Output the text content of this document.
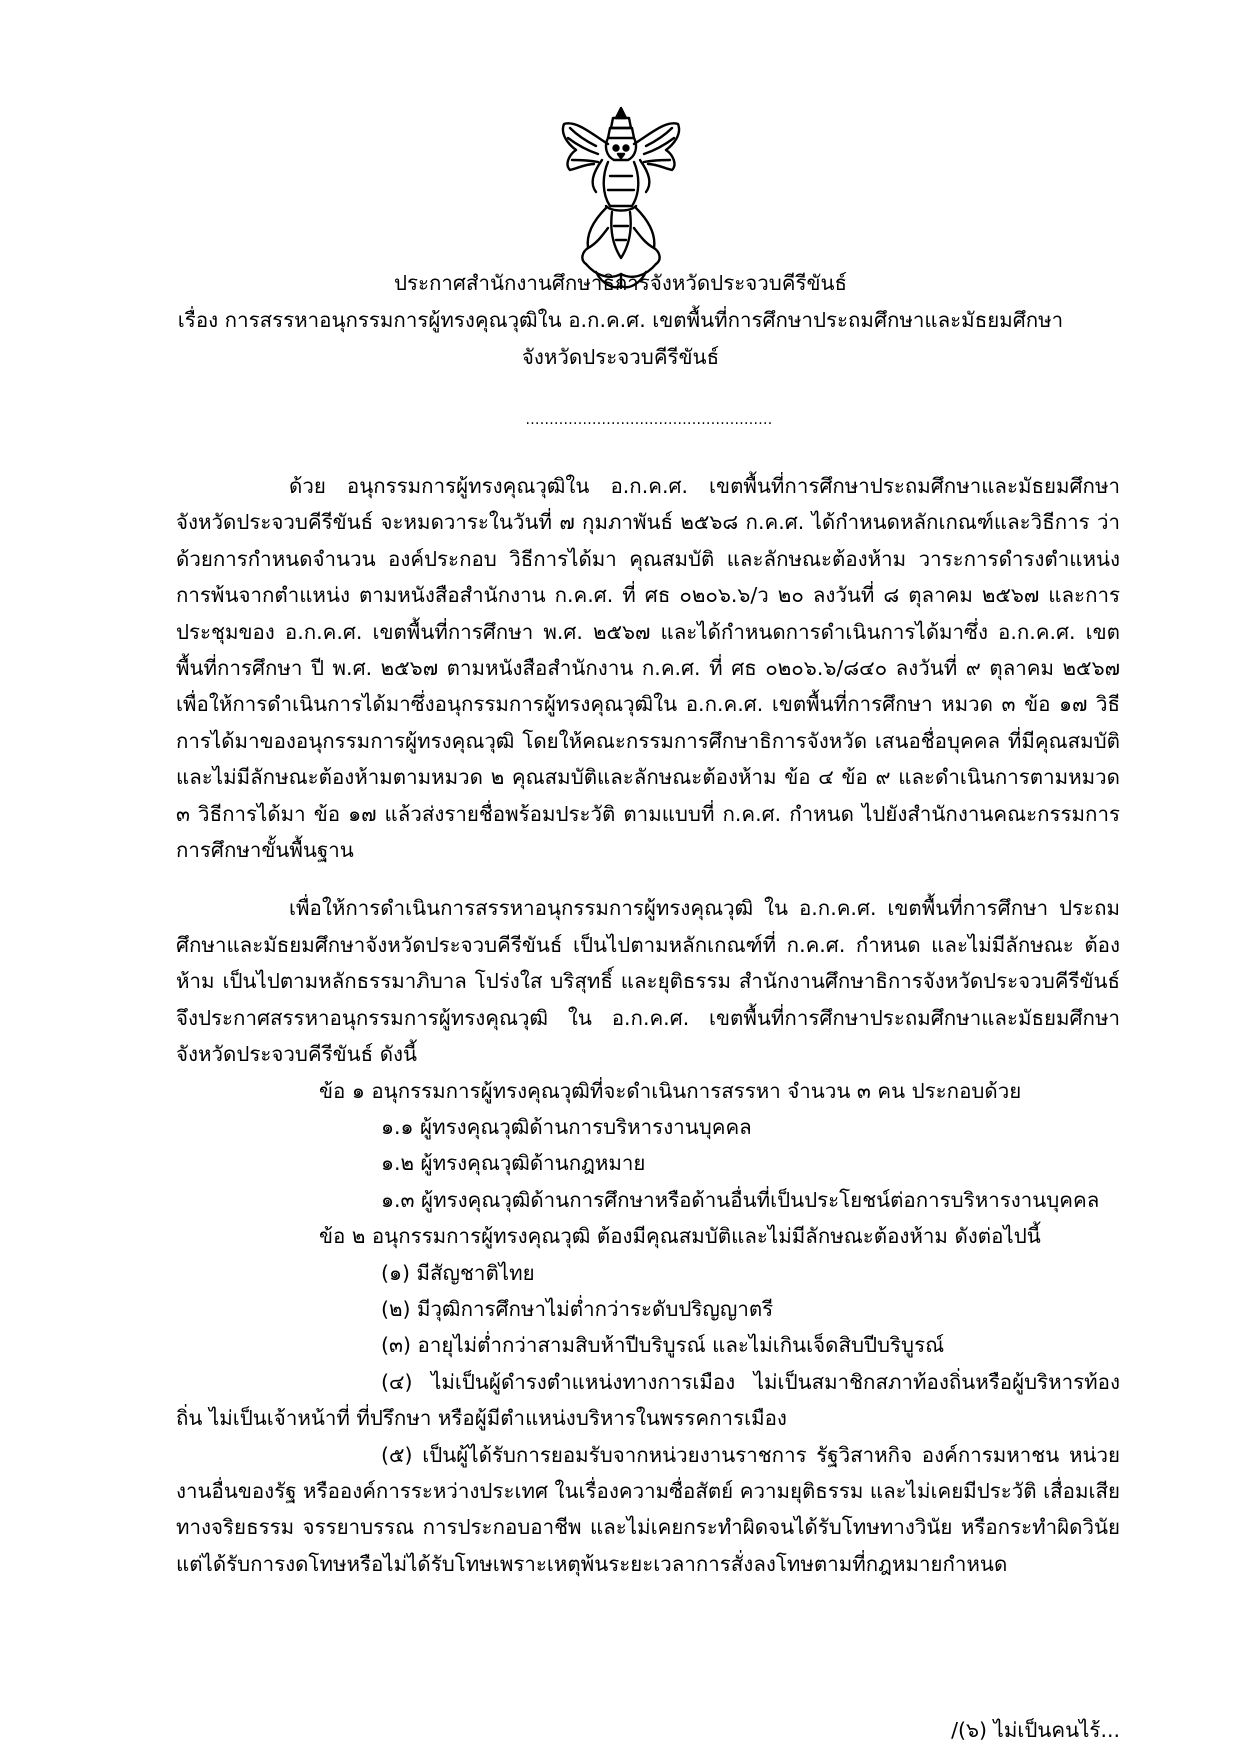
ประกาศสำนักงานศึกษาธิการจังหวัดประจวบคีรีขันธ์
เรื่อง การสรรหาอนุกรรมการผู้ทรงคุณวุฒิใน อ.ก.ค.ศ. เขตพื้นที่การศึกษาประถมศึกษาและมัธยมศึกษา
จังหวัดประจวบคีรีขันธ์
....................................................

ด้วย อนุกรรมการผู้ทรงคุณวุฒิใน อ.ก.ค.ศ. เขตพื้นที่การศึกษาประถมศึกษาและมัธยมศึกษา จังหวัดประจวบคีรีขันธ์ จะหมดวาระในวันที่ ๗ กุมภาพันธ์ ๒๕๖๘ ก.ค.ศ. ได้กำหนดหลักเกณฑ์และวิธีการ ว่าด้วยการกำหนดจำนวน องค์ประกอบ วิธีการได้มา คุณสมบัติ และลักษณะต้องห้าม วาระการดำรงตำแหน่ง การพ้นจากตำแหน่ง ตามหนังสือสำนักงาน ก.ค.ศ. ที่ ศธ ๐๒๐๖.๖/ว ๒๐ ลงวันที่ ๘ ตุลาคม ๒๕๖๗ และการประชุมของ อ.ก.ค.ศ. เขตพื้นที่การศึกษา พ.ศ. ๒๕๖๗ และได้กำหนดการดำเนินการได้มาซึ่ง อ.ก.ค.ศ. เขตพื้นที่การศึกษา ปี พ.ศ. ๒๕๖๗ ตามหนังสือสำนักงาน ก.ค.ศ. ที่ ศธ ๐๒๐๖.๖/๘๔๐ ลงวันที่ ๙ ตุลาคม ๒๕๖๗ เพื่อให้การดำเนินการได้มาซึ่งอนุกรรมการผู้ทรงคุณวุฒิใน อ.ก.ค.ศ. เขตพื้นที่การศึกษา หมวด ๓ ข้อ ๑๗ วิธีการได้มาของอนุกรรมการผู้ทรงคุณวุฒิ โดยให้คณะกรรมการศึกษาธิการจังหวัด เสนอชื่อบุคคล ที่มีคุณสมบัติและไม่มีลักษณะต้องห้ามตามหมวด ๒ คุณสมบัติและลักษณะต้องห้าม ข้อ ๔ ข้อ ๙ และดำเนินการตามหมวด ๓ วิธีการได้มา ข้อ ๑๗ แล้วส่งรายชื่อพร้อมประวัติ ตามแบบที่ ก.ค.ศ. กำหนด ไปยังสำนักงานคณะกรรมการการศึกษาขั้นพื้นฐาน

เพื่อให้การดำเนินการสรรหาอนุกรรมการผู้ทรงคุณวุฒิ ใน อ.ก.ค.ศ. เขตพื้นที่การศึกษา ประถมศึกษาและมัธยมศึกษาจังหวัดประจวบคีรีขันธ์ เป็นไปตามหลักเกณฑ์ที่ ก.ค.ศ. กำหนด และไม่มีลักษณะ ต้องห้าม เป็นไปตามหลักธรรมาภิบาล โปร่งใส บริสุทธิ์ และยุติธรรม สำนักงานศึกษาธิการจังหวัดประจวบคีรีขันธ์ จึงประกาศสรรหาอนุกรรมการผู้ทรงคุณวุฒิ ใน อ.ก.ค.ศ. เขตพื้นที่การศึกษาประถมศึกษาและมัธยมศึกษา จังหวัดประจวบคีรีขันธ์ ดังนี้

ข้อ ๑ อนุกรรมการผู้ทรงคุณวุฒิที่จะดำเนินการสรรหา จำนวน ๓ คน ประกอบด้วย
๑.๑ ผู้ทรงคุณวุฒิด้านการบริหารงานบุคคล
๑.๒ ผู้ทรงคุณวุฒิด้านกฎหมาย
๑.๓ ผู้ทรงคุณวุฒิด้านการศึกษาหรือด้านอื่นที่เป็นประโยชน์ต่อการบริหารงานบุคคล
ข้อ ๒ อนุกรรมการผู้ทรงคุณวุฒิ ต้องมีคุณสมบัติและไม่มีลักษณะต้องห้าม ดังต่อไปนี้
(๑) มีสัญชาติไทย
(๒) มีวุฒิการศึกษาไม่ต่ำกว่าระดับปริญญาตรี
(๓) อายุไม่ต่ำกว่าสามสิบห้าปีบริบูรณ์ และไม่เกินเจ็ดสิบปีบริบูรณ์

(๔) ไม่เป็นผู้ดำรงตำแหน่งทางการเมือง ไม่เป็นสมาชิกสภาท้องถิ่นหรือผู้บริหารท้องถิ่น ไม่เป็นเจ้าหน้าที่ ที่ปรึกษา หรือผู้มีตำแหน่งบริหารในพรรคการเมือง

(๕) เป็นผู้ได้รับการยอมรับจากหน่วยงานราชการ รัฐวิสาหกิจ องค์การมหาชน หน่วยงานอื่นของรัฐ หรือองค์การระหว่างประเทศ ในเรื่องความซื่อสัตย์ ความยุติธรรม และไม่เคยมีประวัติ เสื่อมเสียทางจริยธรรม จรรยาบรรณ การประกอบอาชีพ และไม่เคยกระทำผิดจนได้รับโทษทางวินัย หรือกระทำผิดวินัยแต่ได้รับการงดโทษหรือไม่ได้รับโทษเพราะเหตุพ้นระยะเวลาการสั่งลงโทษตามที่กฎหมายกำหนด

/(๖) ไม่เป็นคนไร้...
